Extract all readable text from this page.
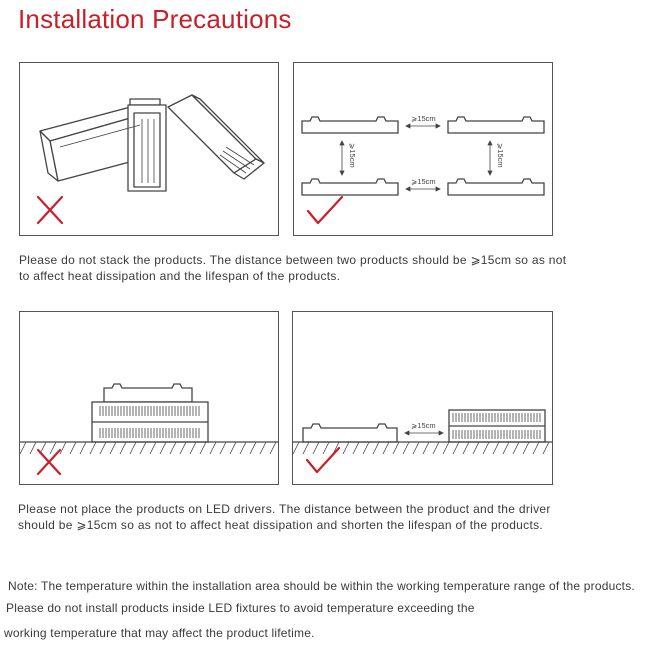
Installation Precautions
⩾15cm
⩾15cm
⩾15cm	⩾15cm
Please do not stack the products. The distance between two products should be ⩾15cm so as not
to affect heat dissipation and the lifespan of the products.
⩾15cm
Please not place the products on LED drivers. The distance between the product and the driver
should be ⩾15cm so as not to affect heat dissipation and shorten the lifespan of the products.
Note: The temperature within the installation area should be within the working temperature range of the products.
Please do not install products inside LED fixtures to avoid temperature exceeding the
working temperature that may affect the product lifetime.
